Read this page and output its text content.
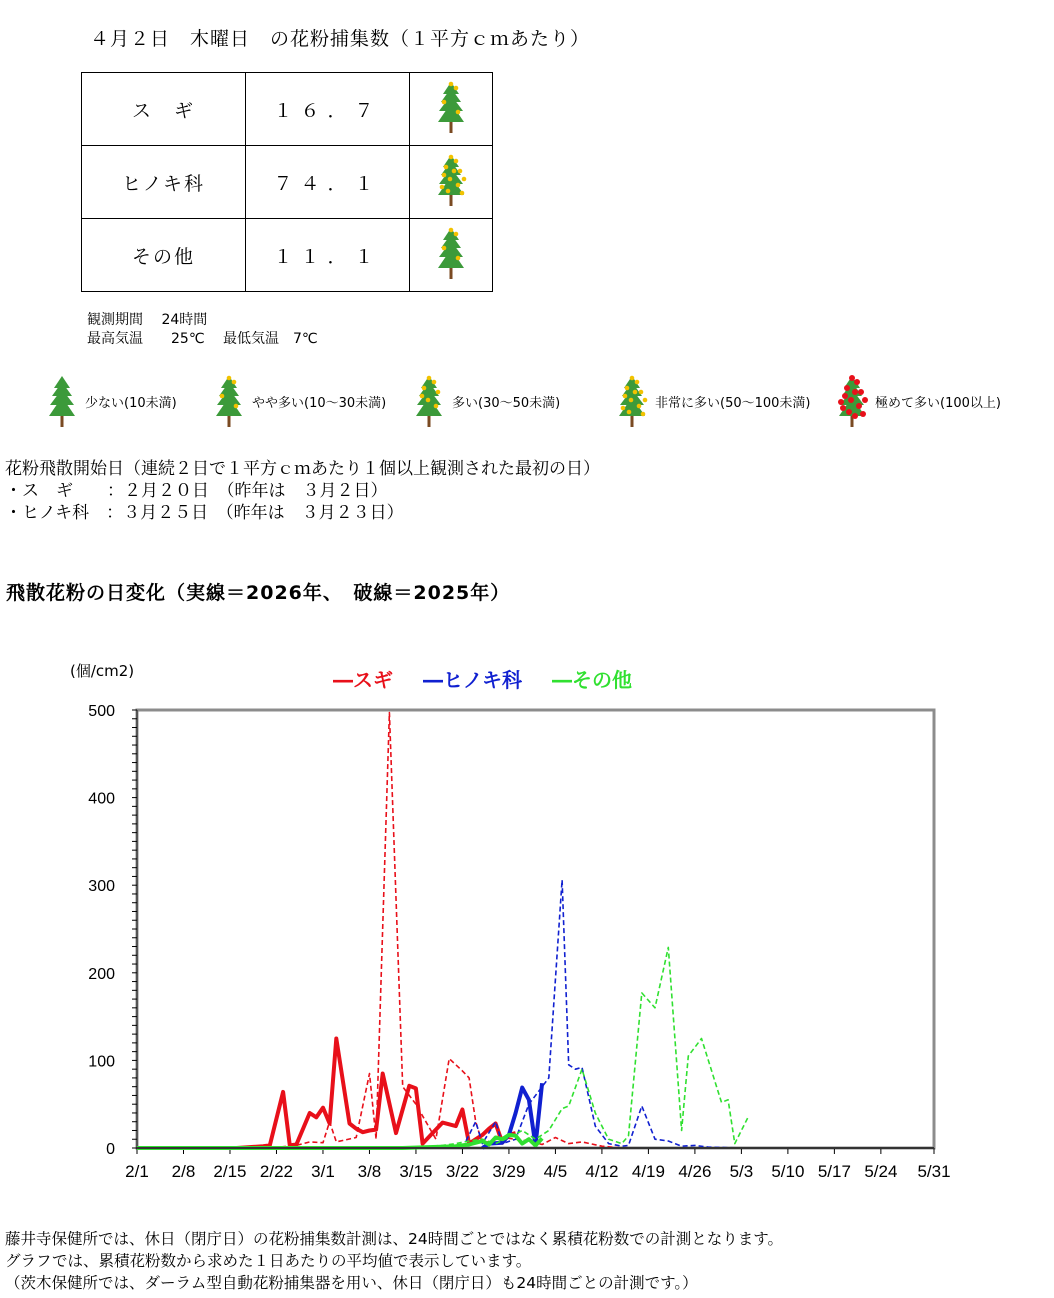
４月２日　木曜日　の花粉捕集数（１平方ｃｍあたり）
ス　ギ	１６．７	
ヒノキ科	７４．１	
その他	１１．１	
観測期間　 24時間
最高気温　　25℃　 最低気温　7℃
少ない(10未満)	やや多い(10～30未満)	多い(30～50未満)	非常に多い(50～100未満)	極めて多い(100以上)
花粉飛散開始日（連続２日で１平方ｃｍあたり１個以上観測された最初の日）
・ス　ギ　　：２月２０日　（昨年は　３月２日）
・ヒノキ科　：３月２５日　（昨年は　３月２３日）
飛散花粉の日変化（実線＝2026年、　破線＝2025年）
(個/cm2)	―スギ ―ヒノキ科 ―その他
0
100
200
300
400
500
2/1 2/8 2/15 2/22 3/1 3/8 3/15 3/22 3/29 4/5 4/12 4/19 4/26 5/3 5/10 5/17 5/24 5/31
藤井寺保健所では、休日（閉庁日）の花粉捕集数計測は、24時間ごとではなく累積花粉数での計測となります。
グラフでは、累積花粉数から求めた１日あたりの平均値で表示しています。
（茨木保健所では、ダーラム型自動花粉捕集器を用い、休日（閉庁日）も24時間ごとの計測です。）
